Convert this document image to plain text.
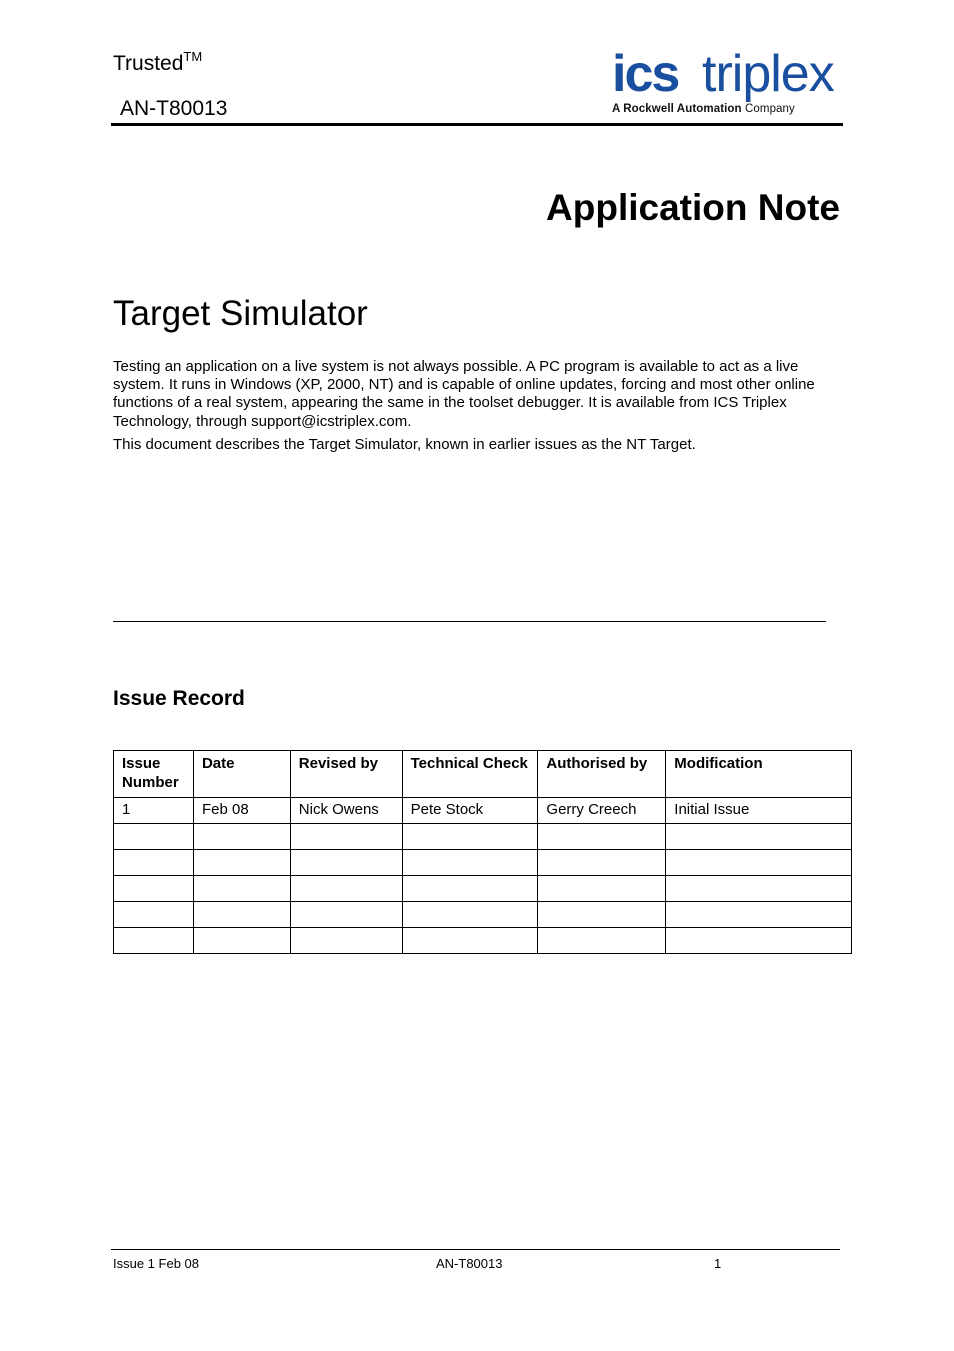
Trusted™
AN-T80013
ics triplex
A Rockwell Automation Company
Application Note
Target Simulator
Testing an application on a live system is not always possible. A PC program is available to act as a live system. It runs in Windows (XP, 2000, NT) and is capable of online updates, forcing and most other online functions of a real system, appearing the same in the toolset debugger. It is available from ICS Triplex Technology, through support@icstriplex.com.
This document describes the Target Simulator, known in earlier issues as the NT Target.
Issue Record
Issue Number	Date	Revised by	Technical Check	Authorised by	Modification
1	Feb 08	Nick Owens	Pete Stock	Gerry Creech	Initial Issue

Issue 1 Feb 08	AN-T80013	1
